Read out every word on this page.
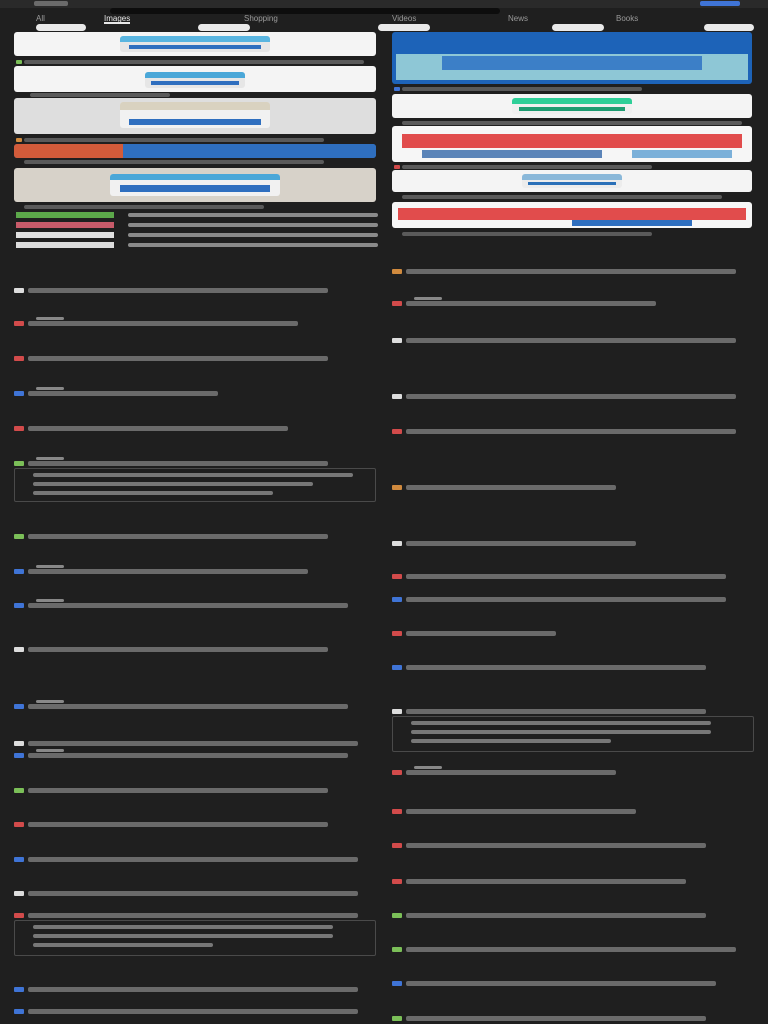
All	Images	Shopping	Videos	News	Books
